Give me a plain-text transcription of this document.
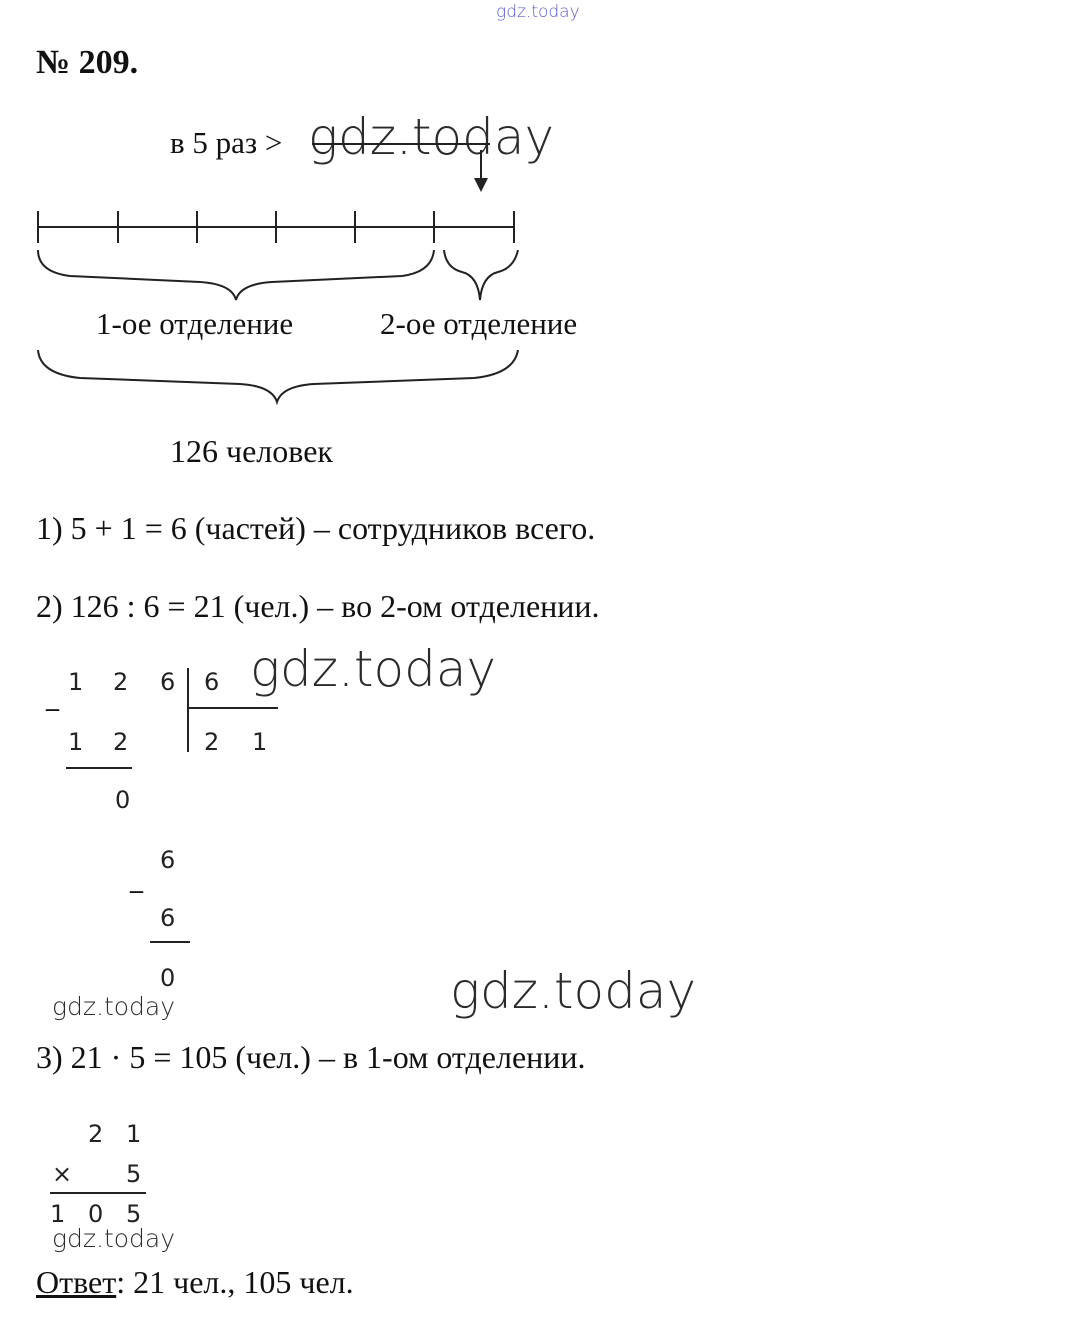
gdz.today
№ 209.
в 5 раз > gdz.today
1-ое отделение	2-ое отделение
126 человек
1) 5 + 1 = 6 (частей) – сотрудников всего.
2) 126 : 6 = 21 (чел.) – во 2-ом отделении.
gdz.today
_ 1 2 6 6
2 1
1 2
0
_
6
6
0	gdz.today
gdz.today
3) 21 · 5 = 105 (чел.) – в 1-ом отделении.
2 1
× 5
1 0 5
gdz.today
Ответ: 21 чел., 105 чел.
